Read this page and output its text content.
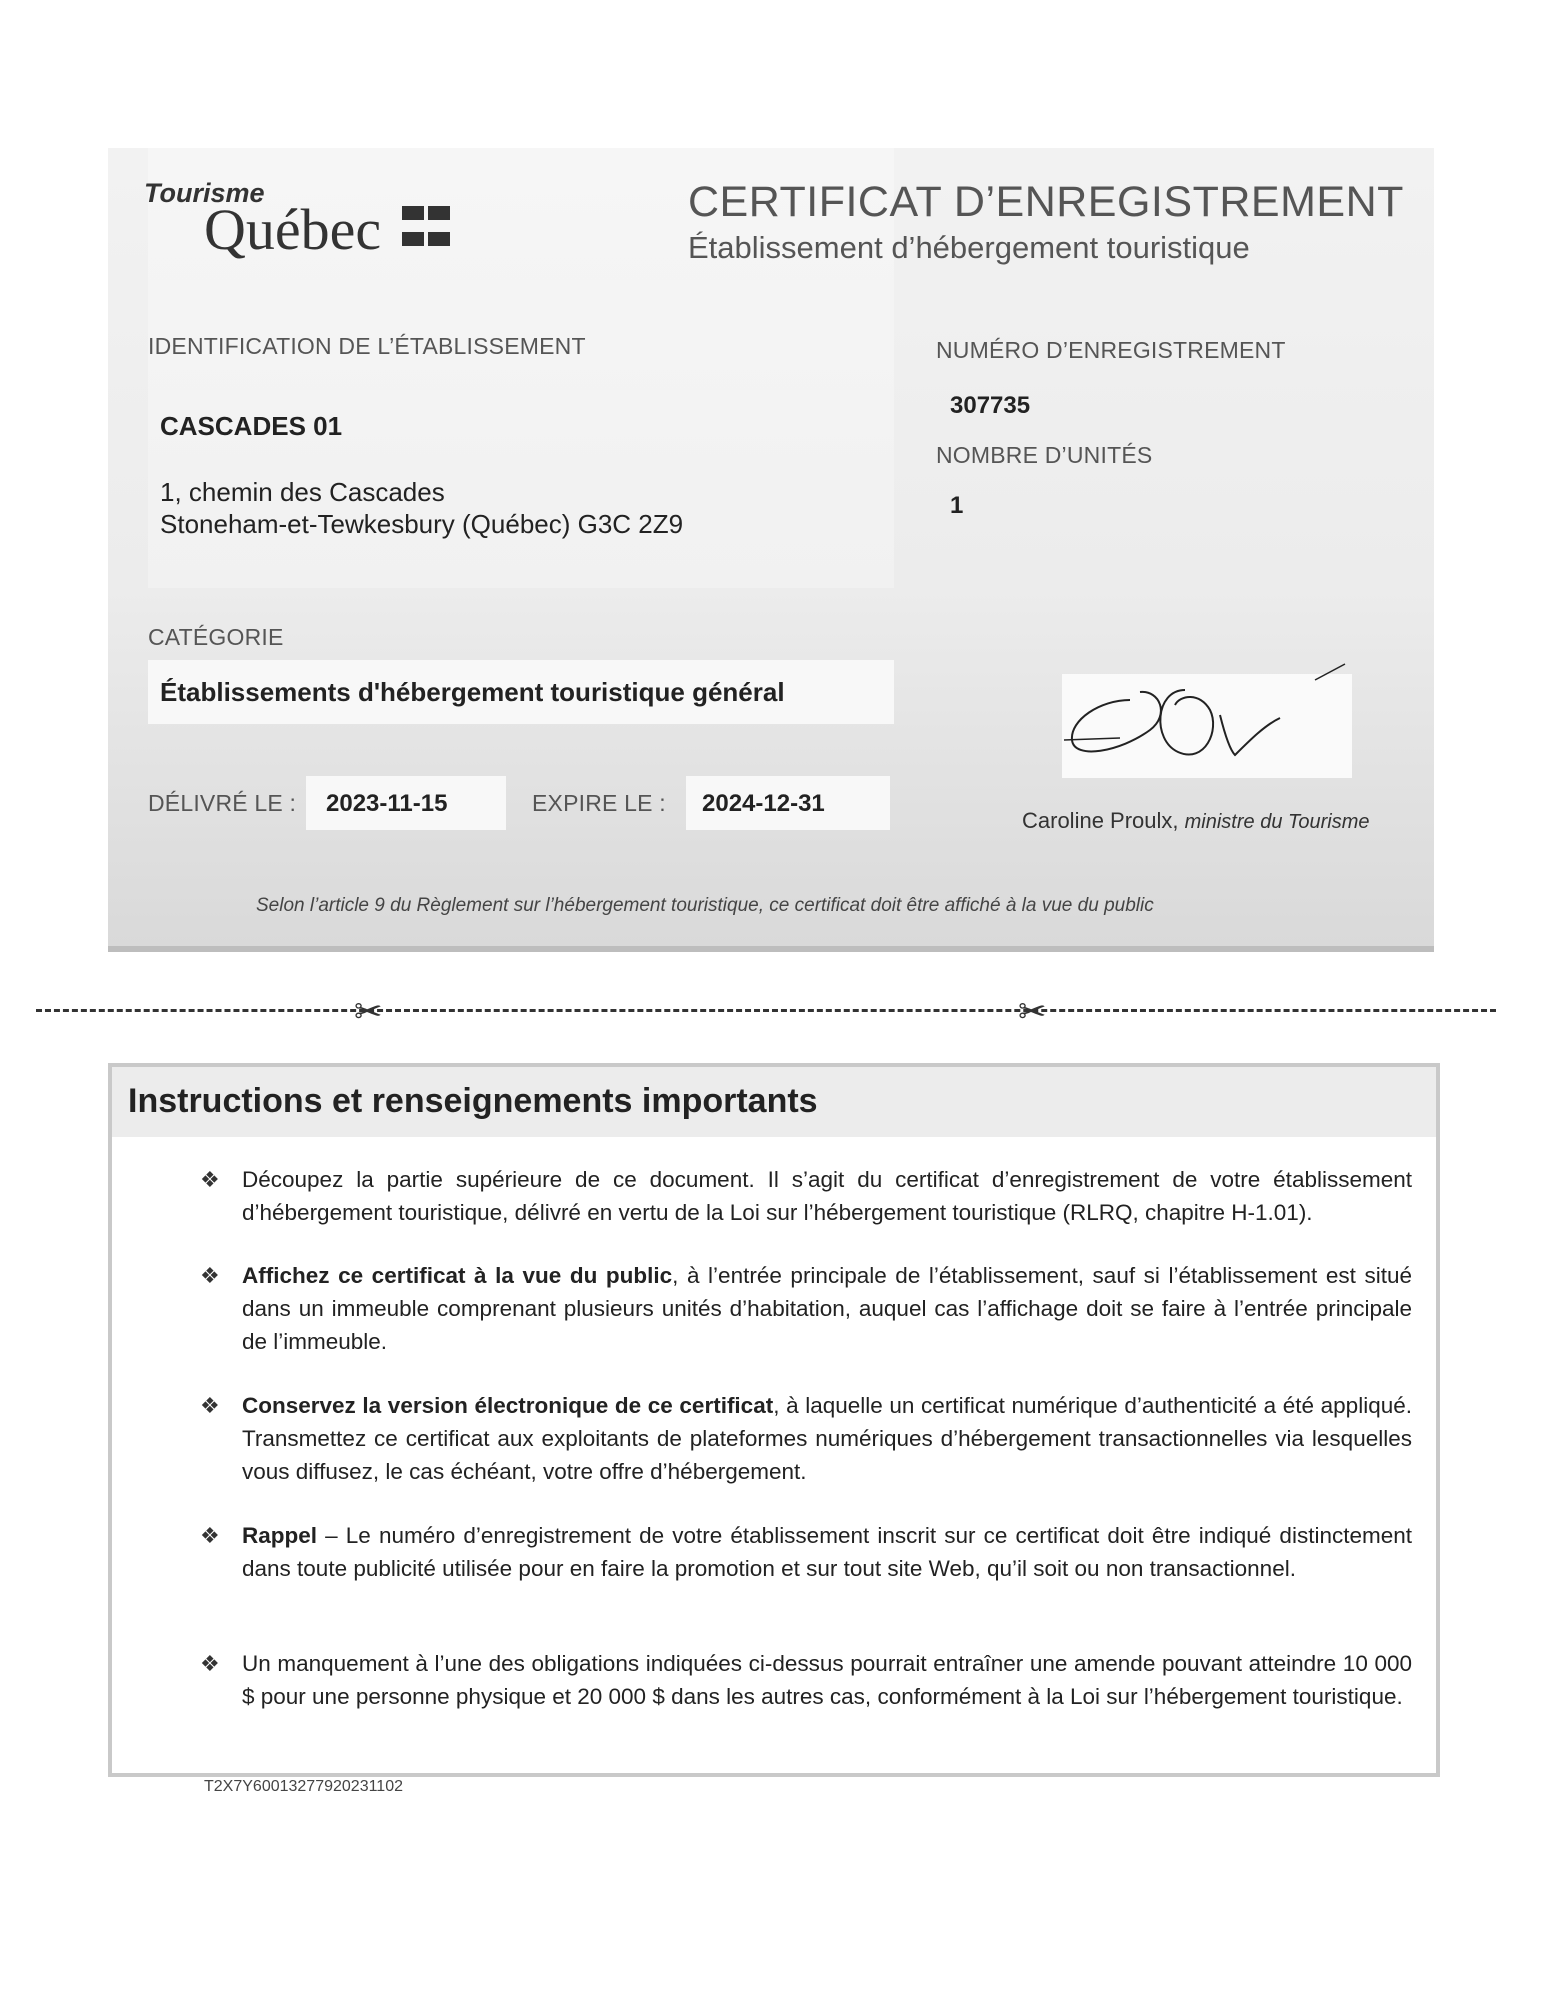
Tourisme
Québec	CERTIFICAT D’ENREGISTREMENT
Établissement d’hébergement touristique
IDENTIFICATION DE L’ÉTABLISSEMENT
CASCADES 01
1, chemin des Cascades
Stoneham-et-Tewkesbury (Québec) G3C 2Z9
NUMÉRO D’ENREGISTREMENT
307735
NOMBRE D’UNITÉS
1
CATÉGORIE
Établissements d'hébergement touristique général
DÉLIVRÉ LE : 2023-11-15	EXPIRE LE : 2024-12-31
Caroline Proulx, ministre du Tourisme
Selon l’article 9 du Règlement sur l’hébergement touristique, ce certificat doit être affiché à la vue du public
✂	✂
Instructions et renseignements importants
❖ Découpez la partie supérieure de ce document. Il s’agit du certificat d’enregistrement de votre établissement d’hébergement touristique, délivré en vertu de la Loi sur l’hébergement touristique (RLRQ, chapitre H-1.01).
❖ Affichez ce certificat à la vue du public, à l’entrée principale de l’établissement, sauf si l’établissement est situé dans un immeuble comprenant plusieurs unités d’habitation, auquel cas l’affichage doit se faire à l’entrée principale de l’immeuble.
❖ Conservez la version électronique de ce certificat, à laquelle un certificat numérique d’authenticité a été appliqué. Transmettez ce certificat aux exploitants de plateformes numériques d’hébergement transactionnelles via lesquelles vous diffusez, le cas échéant, votre offre d’hébergement.
❖ Rappel – Le numéro d’enregistrement de votre établissement inscrit sur ce certificat doit être indiqué distinctement dans toute publicité utilisée pour en faire la promotion et sur tout site Web, qu’il soit ou non transactionnel.
❖ Un manquement à l’une des obligations indiquées ci-dessus pourrait entraîner une amende pouvant atteindre 10 000 $ pour une personne physique et 20 000 $ dans les autres cas, conformément à la Loi sur l’hébergement touristique.
T2X7Y60013277920231102
